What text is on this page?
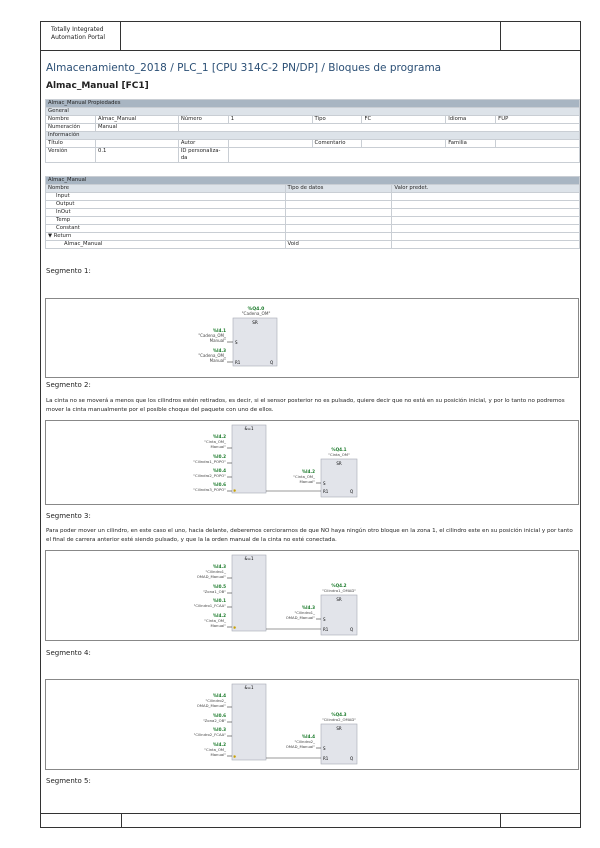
Totally Integrated
Automation Portal
Almacenamiento_2018 / PLC_1 [CPU 314C-2 PN/DP] / Bloques de programa
Almac_Manual [FC1]
Almac_Manual Propiedades							
General							
Nombre	Almac_Manual	Número	1	Tipo	FC	Idioma	FUP
Numeración	Manual						
Información							
Título		Autor		Comentario		Familia	
Versión	0.1	ID personaliza-
da					

Almac_Manual		
Nombre	Tipo de datos	Valor predet.
Input		
Output		
InOut		
Temp		
Constant		
▼ Return		
Almac_Manual	Void	
Segmento 1:
%Q4.0
"Cadena_OM"
SR
%I4.1
"Cadena_OM_
Manual" S
%I4.3
"Cadena_OM_
Manual" R1	Q
Segmento 2:
La cinta no se moverá a menos que los cilindros estén retirados, es decir, si el sensor posterior no es pulsado, quiere decir que no está en su posición inicial, y por lo tanto no podremos mover la cinta manualmente por el posible choque del paquete con uno de ellos.
&=1
%I4.2
"Cinta_OM_
Manual"
%I0.2
"Cilindro1_POPO"
%I0.4
"Cilindro2_POPO"
%I0.6
"Cilindro3_POPO" ✱
%Q4.1
"Cinta_OM"
SR
%I4.2
"Cinta_OM_
Manual" S
R1	Q
Segmento 3:
Para poder mover un cilindro, en este caso el uno, hacia delante, deberemos cerciorarnos de que NO haya ningún otro bloque en la zona 1, el cilindro este en su posición inicial y por tanto el final de carrera anterior esté siendo pulsado, y que la la orden manual de la cinta no esté conectada.
&=1
%I4.3
"Cilindro1_
OMAD_Manual"
%I0.5
"Zona1_OB"
%I0.1
"Cilindro1_FCAA"
%I4.2
"Cinta_OM_
Manual" ✱
%Q4.2
"Cilindro1_OMAD"
SR
%I4.3
"Cilindro1_
OMAD_Manual" S
R1	Q
Segmento 4:
&=1
%I4.4
"Cilindro2_
OMAD_Manual"
%I0.6
"Zona2_OB"
%I0.3
"Cilindro2_FCAA"
%I4.2
"Cinta_OM_
Manual" ✱
%Q4.3
"Cilindro2_OMAD"
SR
%I4.4
"Cilindro2_
OMAD_Manual" S
R1	Q
Segmento 5:
